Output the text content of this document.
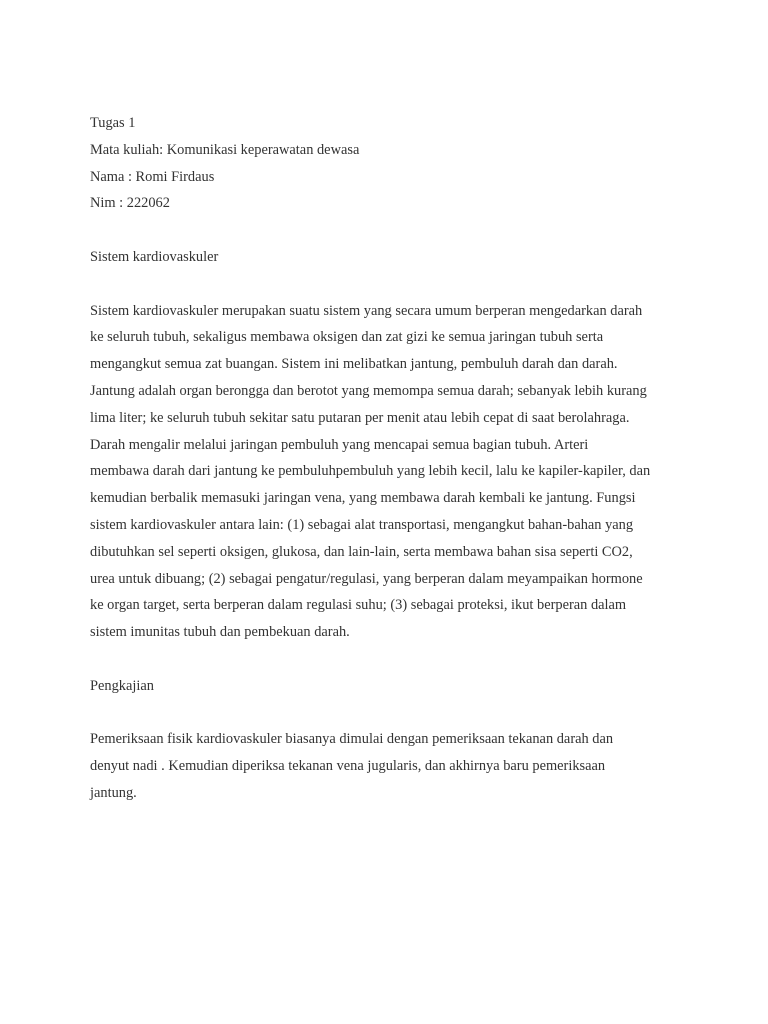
Tugas 1
Mata kuliah: Komunikasi keperawatan dewasa
Nama : Romi Firdaus
Nim : 222062
Sistem kardiovaskuler
Sistem kardiovaskuler merupakan suatu sistem yang secara umum berperan mengedarkan darah
ke seluruh tubuh, sekaligus membawa oksigen dan zat gizi ke semua jaringan tubuh serta
mengangkut semua zat buangan. Sistem ini melibatkan jantung, pembuluh darah dan darah.
Jantung adalah organ berongga dan berotot yang memompa semua darah; sebanyak lebih kurang
lima liter; ke seluruh tubuh sekitar satu putaran per menit atau lebih cepat di saat berolahraga.
Darah mengalir melalui jaringan pembuluh yang mencapai semua bagian tubuh. Arteri
membawa darah dari jantung ke pembuluhpembuluh yang lebih kecil, lalu ke kapiler-kapiler, dan
kemudian berbalik memasuki jaringan vena, yang membawa darah kembali ke jantung. Fungsi
sistem kardiovaskuler antara lain: (1) sebagai alat transportasi, mengangkut bahan-bahan yang
dibutuhkan sel seperti oksigen, glukosa, dan lain-lain, serta membawa bahan sisa seperti CO2,
urea untuk dibuang; (2) sebagai pengatur/regulasi, yang berperan dalam meyampaikan hormone
ke organ target, serta berperan dalam regulasi suhu; (3) sebagai proteksi, ikut berperan dalam
sistem imunitas tubuh dan pembekuan darah.
Pengkajian
Pemeriksaan fisik kardiovaskuler biasanya dimulai dengan pemeriksaan tekanan darah dan
denyut nadi . Kemudian diperiksa tekanan vena jugularis, dan akhirnya baru pemeriksaan
jantung.
